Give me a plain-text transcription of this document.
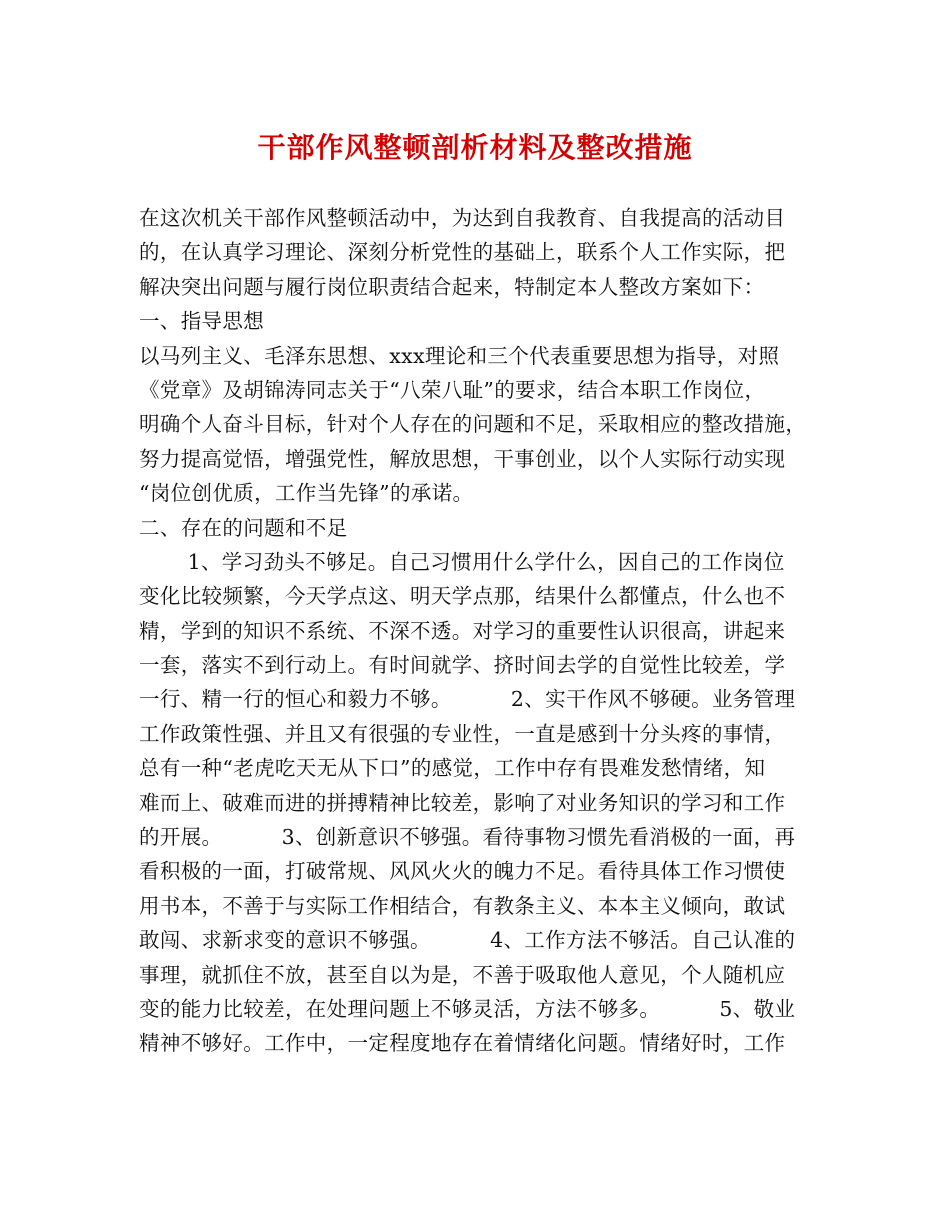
干部作风整顿剖析材料及整改措施
在这次机关干部作风整顿活动中，为达到自我教育、自我提高的活动目
的，在认真学习理论、深刻分析党性的基础上，联系个人工作实际，把
解决突出问题与履行岗位职责结合起来，特制定本人整改方案如下：
一、指导思想
以马列主义、毛泽东思想、xxx理论和三个代表重要思想为指导，对照
《党章》及胡锦涛同志关于“八荣八耻”的要求，结合本职工作岗位，
明确个人奋斗目标，针对个人存在的问题和不足，采取相应的整改措施，
努力提高觉悟，增强党性，解放思想，干事创业，以个人实际行动实现
“岗位创优质，工作当先锋”的承诺。
二、存在的问题和不足
　　 1、学习劲头不够足。自己习惯用什么学什么，因自己的工作岗位
变化比较频繁，今天学点这、明天学点那，结果什么都懂点，什么也不
精，学到的知识不系统、不深不透。对学习的重要性认识很高，讲起来
一套，落实不到行动上。有时间就学、挤时间去学的自觉性比较差，学
一行、精一行的恒心和毅力不够。　　　 2、实干作风不够硬。业务管理
工作政策性强、并且又有很强的专业性，一直是感到十分头疼的事情，
总有一种“老虎吃天无从下口”的感觉，工作中存有畏难发愁情绪，知
难而上、破难而进的拼搏精神比较差，影响了对业务知识的学习和工作
的开展。　　　 3、创新意识不够强。看待事物习惯先看消极的一面，再
看积极的一面，打破常规、风风火火的魄力不足。看待具体工作习惯使
用书本，不善于与实际工作相结合，有教条主义、本本主义倾向，敢试
敢闯、求新求变的意识不够强。　　　 4、工作方法不够活。自己认准的
事理，就抓住不放，甚至自以为是，不善于吸取他人意见，个人随机应
变的能力比较差，在处理问题上不够灵活，方法不够多。　　　 5、敬业
精神不够好。工作中，一定程度地存在着情绪化问题。情绪好时，工作
